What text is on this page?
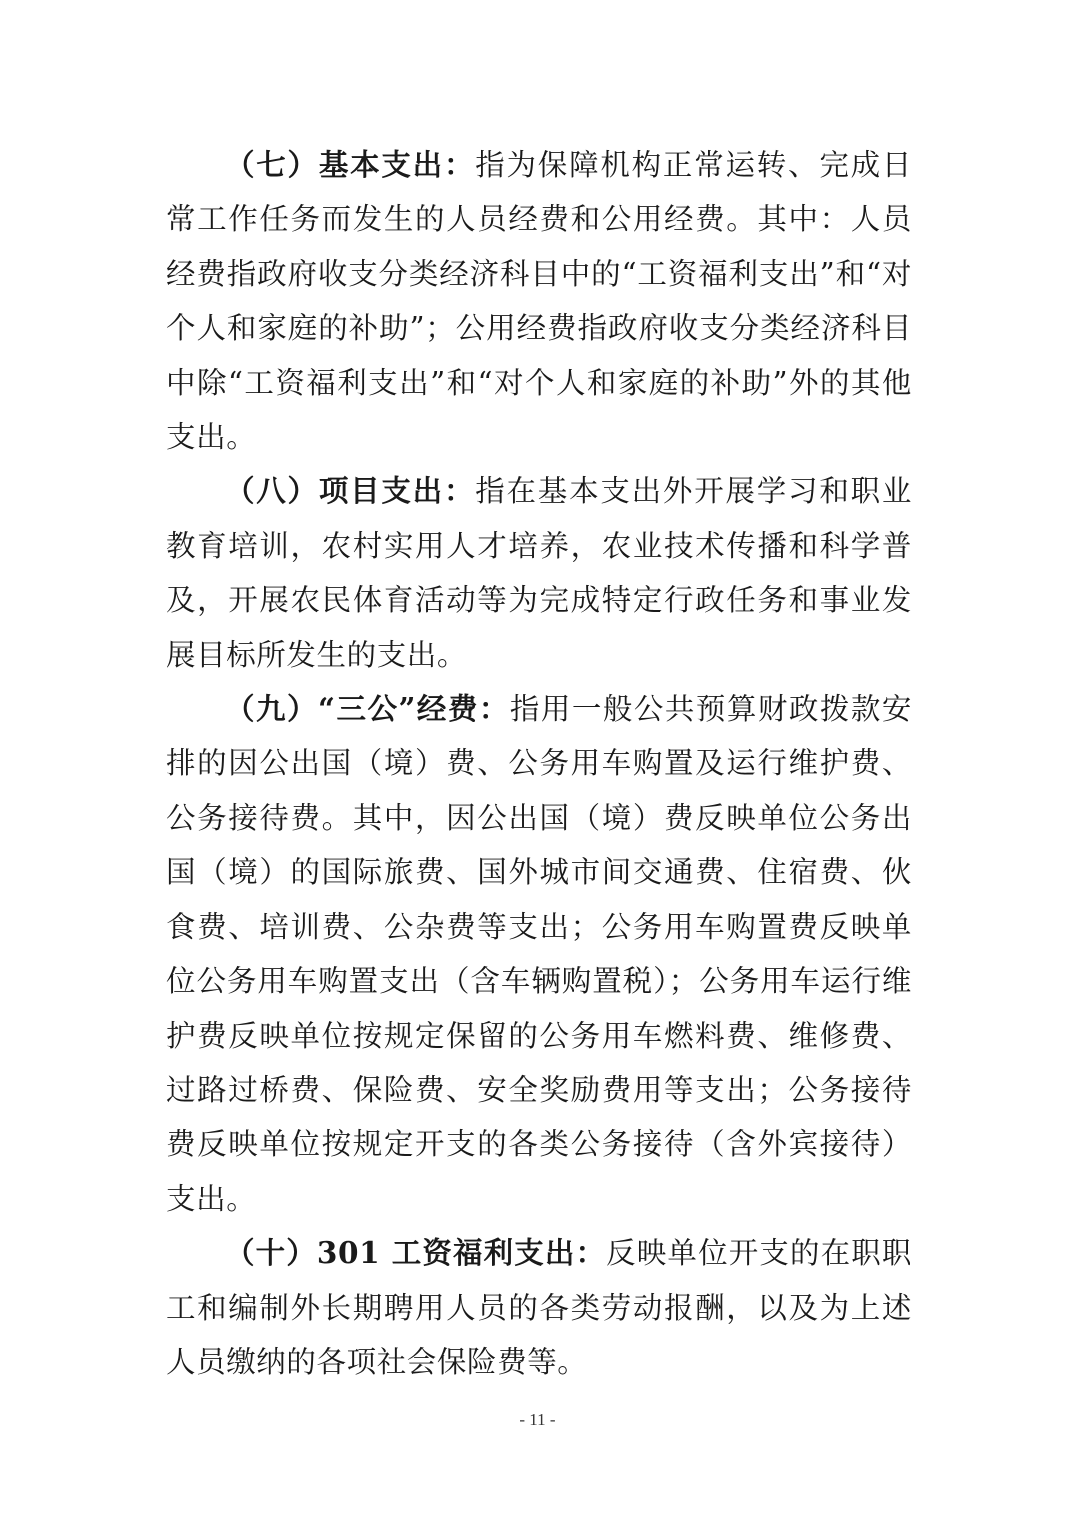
（七）基本支出：指为保障机构正常运转、完成日常工作任务而发生的人员经费和公用经费。其中：人员经费指政府收支分类经济科目中的“工资福利支出”和“对个人和家庭的补助”；公用经费指政府收支分类经济科目中除“工资福利支出”和“对个人和家庭的补助”外的其他支出。

（八）项目支出：指在基本支出外开展学习和职业教育培训，农村实用人才培养，农业技术传播和科学普及，开展农民体育活动等为完成特定行政任务和事业发展目标所发生的支出。

（九）“三公”经费：指用一般公共预算财政拨款安排的因公出国（境）费、公务用车购置及运行维护费、公务接待费。其中，因公出国（境）费反映单位公务出国（境）的国际旅费、国外城市间交通费、住宿费、伙食费、培训费、公杂费等支出；公务用车购置费反映单位公务用车购置支出（含车辆购置税）；公务用车运行维护费反映单位按规定保留的公务用车燃料费、维修费、过路过桥费、保险费、安全奖励费用等支出；公务接待费反映单位按规定开支的各类公务接待（含外宾接待）支出。

（十）301 工资福利支出：反映单位开支的在职职工和编制外长期聘用人员的各类劳动报酬，以及为上述人员缴纳的各项社会保险费等。

- 11 -
